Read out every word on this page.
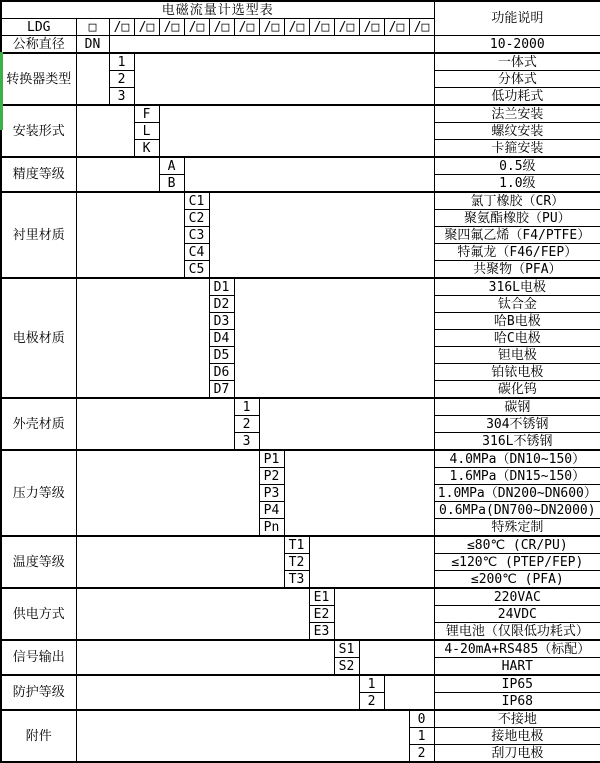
电磁流量计选型表															功能说明
LDG	□	/□	/□	/□	/□	/□	/□	/□	/□	/□	/□	/□	/□	/□	
公称直径	DN														10-2000
转换器类型		1													一体式
		2													分体式
		3													低功耗式
安装形式			F												法兰安装
			L												螺纹安装
			K												卡箍安装
精度等级				A											0.5级
				B											1.0级
衬里材质					C1										氯丁橡胶（CR）
					C2										聚氨酯橡胶（PU）
					C3										聚四氟乙烯（F4/PTFE）
					C4										特氟龙（F46/FEP）
					C5										共聚物（PFA）
电极材质						D1									316L电极
						D2									钛合金
						D3									哈B电极
						D4									哈C电极
						D5									钽电极
						D6									铂铱电极
						D7									碳化钨
外壳材质							1								碳钢
							2								304不锈钢
							3								316L不锈钢
压力等级								P1							4.0MPa（DN10~150）
								P2							1.6MPa（DN15~150）
								P3							1.0MPa（DN200~DN600）
								P4							0.6MPa(DN700~DN2000)
								Pn							特殊定制
温度等级									T1						≤80℃ (CR/PU)
									T2						≤120℃ (PTEP/FEP)
									T3						≤200℃ (PFA)
供电方式										E1					220VAC
										E2					24VDC
										E3					锂电池（仅限低功耗式）
信号输出											S1				4-20mA+RS485（标配）
											S2				HART
防护等级												1			IP65
												2			IP68
附件														0	不接地
														1	接地电极
														2	刮刀电极
